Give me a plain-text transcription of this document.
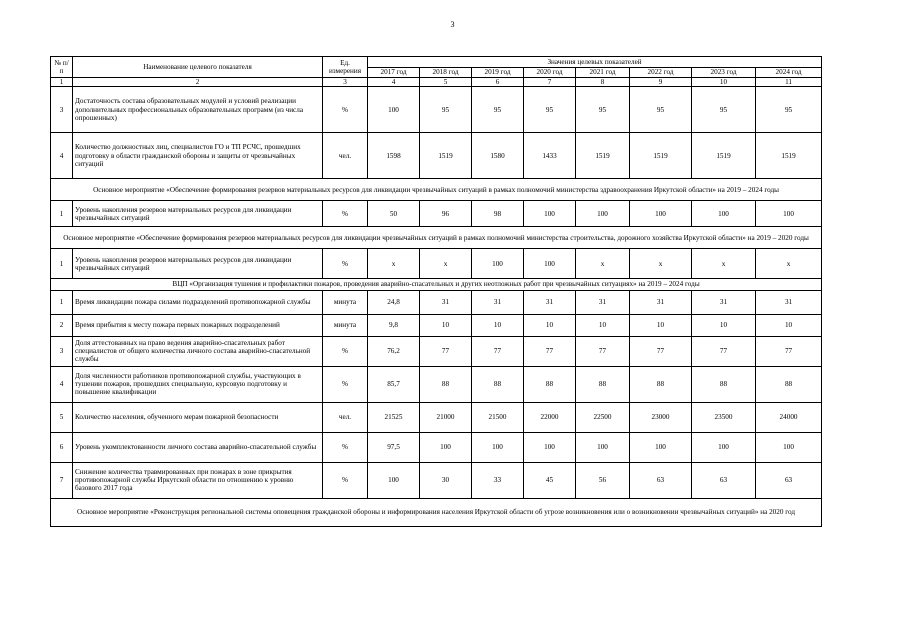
3
№ п/п	Наименование целевого показателя	Ед. измерения	Значения целевых показателей							
			2017 год	2018 год	2019 год	2020 год	2021 год	2022 год	2023 год	2024 год
1	2	3	4	5	6	7	8	9	10	11
3	Достаточность состава образовательных модулей и условий реализации дополнительных профессиональных образовательных программ (из числа опрошенных)	%	100	95	95	95	95	95	95	95
4	Количество должностных лиц, специалистов ГО и ТП РСЧС, прошедших подготовку в области гражданской обороны и защиты от чрезвычайных ситуаций	чел.	1598	1519	1580	1433	1519	1519	1519	1519
Основное мероприятие «Обеспечение формирования резервов материальных ресурсов для ликвидации чрезвычайных ситуаций в рамках полномочий министерства здравоохранения Иркутской области» на 2019 – 2024 годы										
1	Уровень накопления резервов материальных ресурсов для ликвидации чрезвычайных ситуаций	%	50	96	98	100	100	100	100	100
Основное мероприятие «Обеспечение формирования резервов материальных ресурсов для ликвидации чрезвычайных ситуаций в рамках полномочий министерства строительства, дорожного хозяйства Иркутской области» на 2019 – 2020 годы										
1	Уровень накопления резервов материальных ресурсов для ликвидации чрезвычайных ситуаций	%	x	x	100	100	x	x	x	x
ВЦП «Организация тушения и профилактики пожаров, проведения аварийно-спасательных и других неотложных работ при чрезвычайных ситуациях» на 2019 – 2024 годы										
1	Время ликвидации пожара силами подразделений противопожарной службы	минута	24,8	31	31	31	31	31	31	31
2	Время прибытия к месту пожара первых пожарных подразделений	минута	9,8	10	10	10	10	10	10	10
3	Доля аттестованных на право ведения аварийно-спасательных работ специалистов от общего количества личного состава аварийно-спасательной службы	%	76,2	77	77	77	77	77	77	77
4	Доля численности работников противопожарной службы, участвующих в тушении пожаров, прошедших специальную, курсовую подготовку и повышение квалификации	%	85,7	88	88	88	88	88	88	88
5	Количество населения, обученного мерам пожарной безопасности	чел.	21525	21000	21500	22000	22500	23000	23500	24000
6	Уровень укомплектованности личного состава аварийно-спасательной службы	%	97,5	100	100	100	100	100	100	100
7	Снижение количества травмированных при пожарах в зоне прикрытия противопожарной службы Иркутской области по отношению к уровню базового 2017 года	%	100	30	33	45	56	63	63	63
Основное мероприятие «Реконструкция региональной системы оповещения гражданской обороны и информирования населения Иркутской области об угрозе возникновения или о возникновении чрезвычайных ситуаций» на 2020 год										
